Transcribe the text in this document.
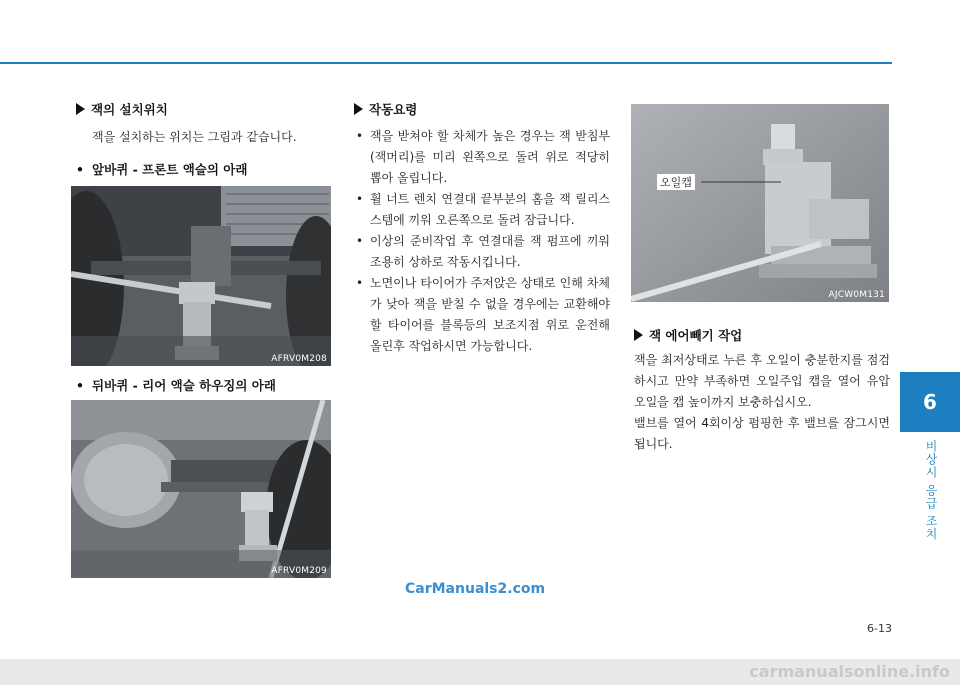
잭의 설치위치
잭을 설치하는 위치는 그림과 같습니다.
• 앞바퀴 - 프론트 액슬의 아래
AFRV0M208
• 뒤바퀴 - 리어 액슬 하우징의 아래
AFRV0M209
작동요령
• 잭을 받쳐야 할 차체가 높은 경우는 잭 받침부(잭머리)를 미리 왼쪽으로 돌려 위로 적당히 뽑아 올립니다.
• 휠 너트 렌치 연결대 끝부분의 홈을 잭 릴리스 스템에 끼워 오른쪽으로 돌려 잠급니다.
• 이상의 준비작업 후 연결대를 잭 펌프에 끼워 조용히 상하로 작동시킵니다.
• 노면이나 타이어가 주저앉은 상태로 인해 차체가 낮아 잭을 받칠 수 없을 경우에는 교환해야 할 타이어를 블록등의 보조지점 위로 운전해 올린후 작업하시면 가능합니다.
오일캡
AJCW0M131
잭 에어빼기 작업
잭을 최저상태로 누른 후 오일이 충분한지를 점검하시고 만약 부족하면 오일주입 캡을 열어 유압 오일을 캡 높이까지 보충하십시오.
밸브를 열어 4회이상 펌핑한 후 밸브를 잠그시면 됩니다.
6
비상시 응급 조치
CarManuals2.com
6-13
carmanualsonline.info
